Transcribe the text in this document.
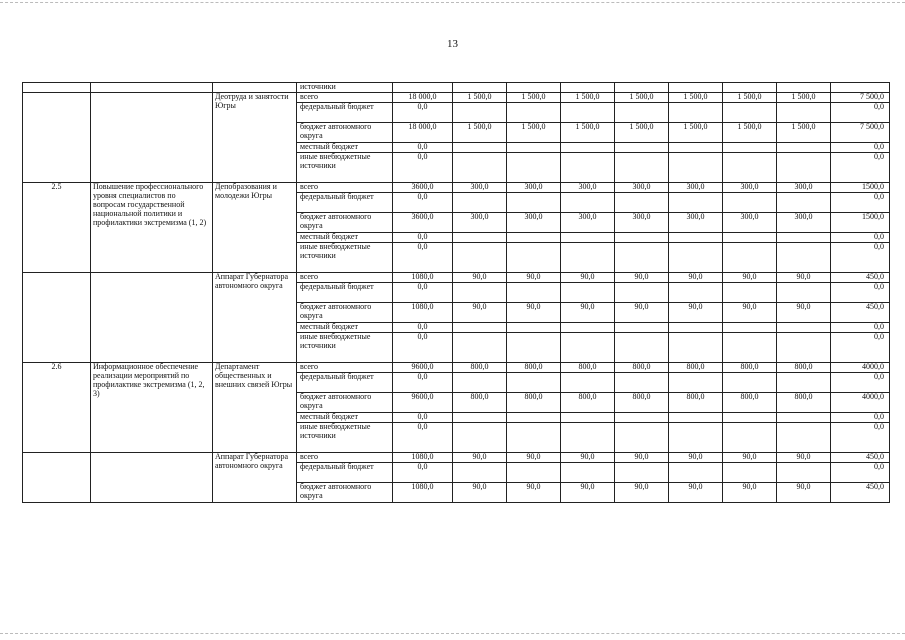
13
			источники									
		Деотруда и занятости Югры	всего	18 000,0	1 500,0	1 500,0	1 500,0	1 500,0	1 500,0	1 500,0	1 500,0	7 500,0
			федеральный бюджет	0,0								0,0
			бюджет автономного округа	18 000,0	1 500,0	1 500,0	1 500,0	1 500,0	1 500,0	1 500,0	1 500,0	7 500,0
			местный бюджет	0,0								0,0
			иные внебюджетные источники	0,0								0,0
2.5	Повышение профессионального уровня специалистов по вопросам государственной национальной политики и профилактики экстремизма (1, 2)	Депобразования и молодежи Югры	всего	3600,0	300,0	300,0	300,0	300,0	300,0	300,0	300,0	1500,0
			федеральный бюджет	0,0								0,0
			бюджет автономного округа	3600,0	300,0	300,0	300,0	300,0	300,0	300,0	300,0	1500,0
			местный бюджет	0,0								0,0
			иные внебюджетные источники	0,0								0,0
		Аппарат Губернатора автономного округа	всего	1080,0	90,0	90,0	90,0	90,0	90,0	90,0	90,0	450,0
			федеральный бюджет	0,0								0,0
			бюджет автономного округа	1080,0	90,0	90,0	90,0	90,0	90,0	90,0	90,0	450,0
			местный бюджет	0,0								0,0
			иные внебюджетные источники	0,0								0,0
2.6	Информационное обеспечение реализации мероприятий по профилактике экстремизма (1, 2, 3)	Департамент общественных и внешних связей Югры	всего	9600,0	800,0	800,0	800,0	800,0	800,0	800,0	800,0	4000,0
			федеральный бюджет	0,0								0,0
			бюджет автономного округа	9600,0	800,0	800,0	800,0	800,0	800,0	800,0	800,0	4000,0
			местный бюджет	0,0								0,0
			иные внебюджетные источники	0,0								0,0
		Аппарат Губернатора автономного округа	всего	1080,0	90,0	90,0	90,0	90,0	90,0	90,0	90,0	450,0
			федеральный бюджет	0,0								0,0
			бюджет автономного округа	1080,0	90,0	90,0	90,0	90,0	90,0	90,0	90,0	450,0
